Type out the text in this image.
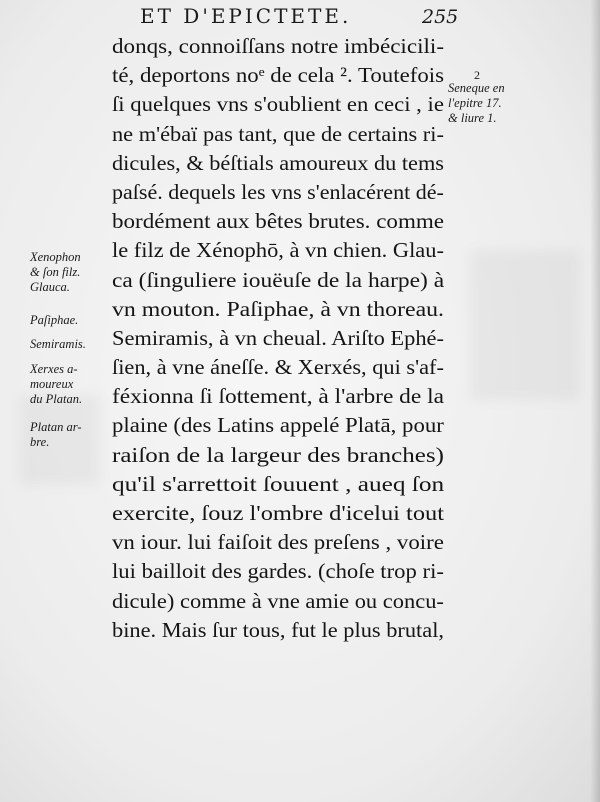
ET D'EPICTETE.	255
donqs, connoiſſans notre imbécicili-
té, deportons noᵉ de cela ². Toutefois
ſi quelques vns s'oublient en ceci , ie
ne m'ébaï pas tant, que de certains ri-
dicules, & béſtials amoureux du tems
paſsé. dequels les vns s'enlacérent dé-
bordément aux bêtes brutes. comme
le filz de Xénophō, à vn chien. Glau-
ca (ſinguliere iouëuſe de la harpe) à
vn mouton. Paſiphae, à vn thoreau.
Semiramis, à vn cheual. Ariſto Ephé-
ſien, à vne áneſſe. & Xerxés, qui s'af-
féxionna ſi ſottement, à l'arbre de la
plaine (des Latins appelé Platā, pour
raiſon de la largeur des branches)
qu'il s'arrettoit ſouuent , aueq ſon
exercite, ſouz l'ombre d'icelui tout
vn iour. lui faiſoit des preſens , voire
lui bailloit des gardes. (choſe trop ri-
dicule) comme à vne amie ou concu-
bine. Mais ſur tous, fut le plus brutal,
2
Seneque en
l'epitre 17.
& liure 1.
Xenophon
& ſon filz.
Glauca.
Paſiphae.
Semiramis.
Xerxes a-
moureux
du Platan.
Platan ar-
bre.
